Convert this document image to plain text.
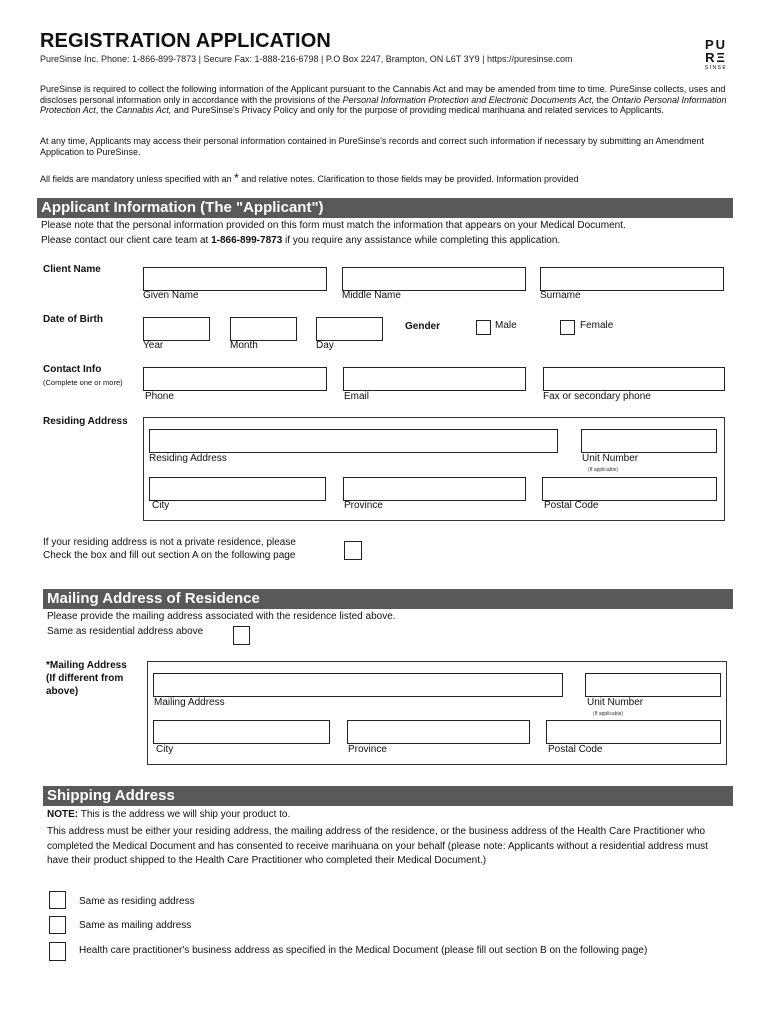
REGISTRATION APPLICATION
PureSinse Inc. Phone: 1-866-899-7873 | Secure Fax: 1-888-216-6798 | P.O Box 2247, Brampton, ON L6T 3Y9 | https://puresinse.com
PU
RΞ
SINSE
PureSinse is required to collect the following information of the Applicant pursuant to the Cannabis Act and may be amended from time to time. PureSinse collects, uses and discloses personal information only in accordance with the provisions of the Personal Information Protection and Electronic Documents Act, the Ontario Personal Information Protection Act, the Cannabis Act, and PureSinse's Privacy Policy and only for the purpose of providing medical marihuana and related services to Applicants.
At any time, Applicants may access their personal information contained in PureSinse's records and correct such information if necessary by submitting an Amendment Application to PureSinse.
All fields are mandatory unless specified with an * and relative notes. Clarification to those fields may be provided. Information provided
Applicant Information (The "Applicant")
Please note that the personal information provided on this form must match the information that appears on your Medical Document.
Please contact our client care team at 1-866-899-7873 if you require any assistance while completing this application.
Client Name
Given Name	Middle Name	Surname
Date of Birth
Year	Month	Day
Gender	Male	Female
Contact Info
(Complete one or more)
Phone	Email	Fax or secondary phone
Residing Address
Residing Address	Unit Number
(If applicable)
City	Province	Postal Code
If your residing address is not a private residence, please
Check the box and fill out section A on the following page
Mailing Address of Residence
Please provide the mailing address associated with the residence listed above.
Same as residential address above
*Mailing Address
(If different from
above)
Mailing Address	Unit Number
(If applicable)
City	Province	Postal Code
Shipping Address
NOTE: This is the address we will ship your product to.
This address must be either your residing address, the mailing address of the residence, or the business address of the Health Care Practitioner who completed the Medical Document and has consented to receive marihuana on your behalf (please note: Applicants without a residential address must have their product shipped to the Health Care Practitioner who completed their Medical Document.)
Same as residing address
Same as mailing address
Health care practitioner's business address as specified in the Medical Document (please fill out section B on the following page)
